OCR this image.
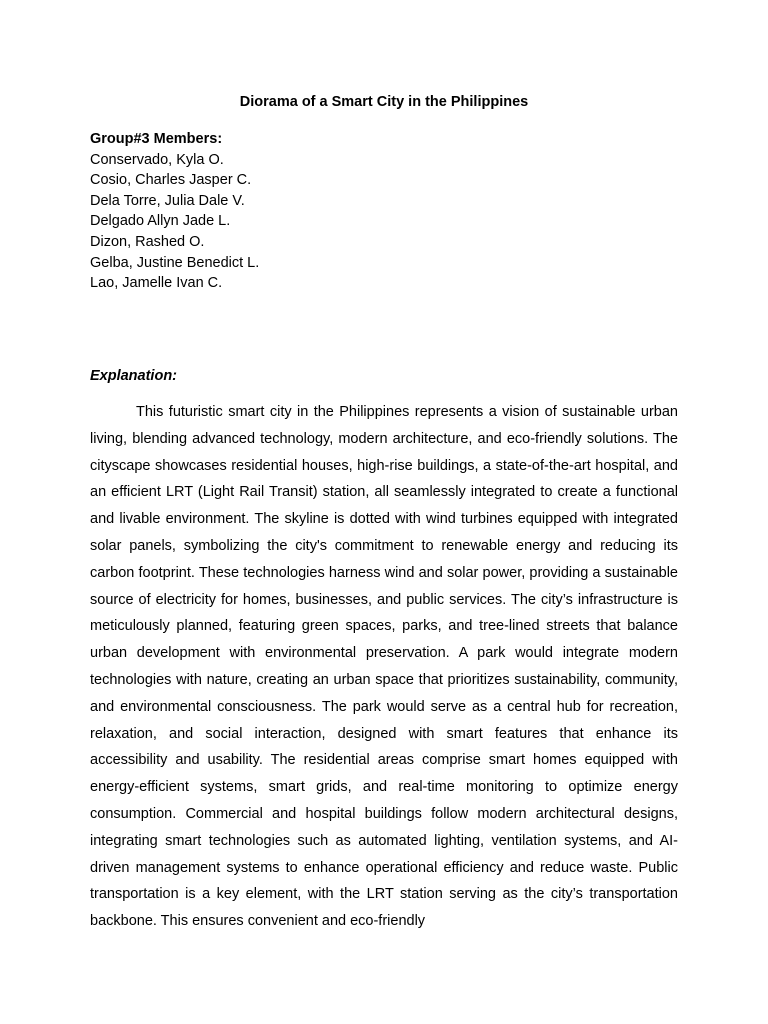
Diorama of a Smart City in the Philippines
Group#3 Members:
Conservado, Kyla O.
Cosio, Charles Jasper C.
Dela Torre, Julia Dale V.
Delgado Allyn Jade L.
Dizon, Rashed O.
Gelba, Justine Benedict L.
Lao, Jamelle Ivan C.
Explanation:

This futuristic smart city in the Philippines represents a vision of sustainable urban living, blending advanced technology, modern architecture, and eco-friendly solutions. The cityscape showcases residential houses, high-rise buildings, a state-of-the-art hospital, and an efficient LRT (Light Rail Transit) station, all seamlessly integrated to create a functional and livable environment. The skyline is dotted with wind turbines equipped with integrated solar panels, symbolizing the city's commitment to renewable energy and reducing its carbon footprint. These technologies harness wind and solar power, providing a sustainable source of electricity for homes, businesses, and public services. The city’s infrastructure is meticulously planned, featuring green spaces, parks, and tree-lined streets that balance urban development with environmental preservation. A park would integrate modern technologies with nature, creating an urban space that prioritizes sustainability, community, and environmental consciousness. The park would serve as a central hub for recreation, relaxation, and social interaction, designed with smart features that enhance its accessibility and usability. The residential areas comprise smart homes equipped with energy-efficient systems, smart grids, and real-time monitoring to optimize energy consumption. Commercial and hospital buildings follow modern architectural designs, integrating smart technologies such as automated lighting, ventilation systems, and AI-driven management systems to enhance operational efficiency and reduce waste. Public transportation is a key element, with the LRT station serving as the city’s transportation backbone. This ensures convenient and eco-friendly
